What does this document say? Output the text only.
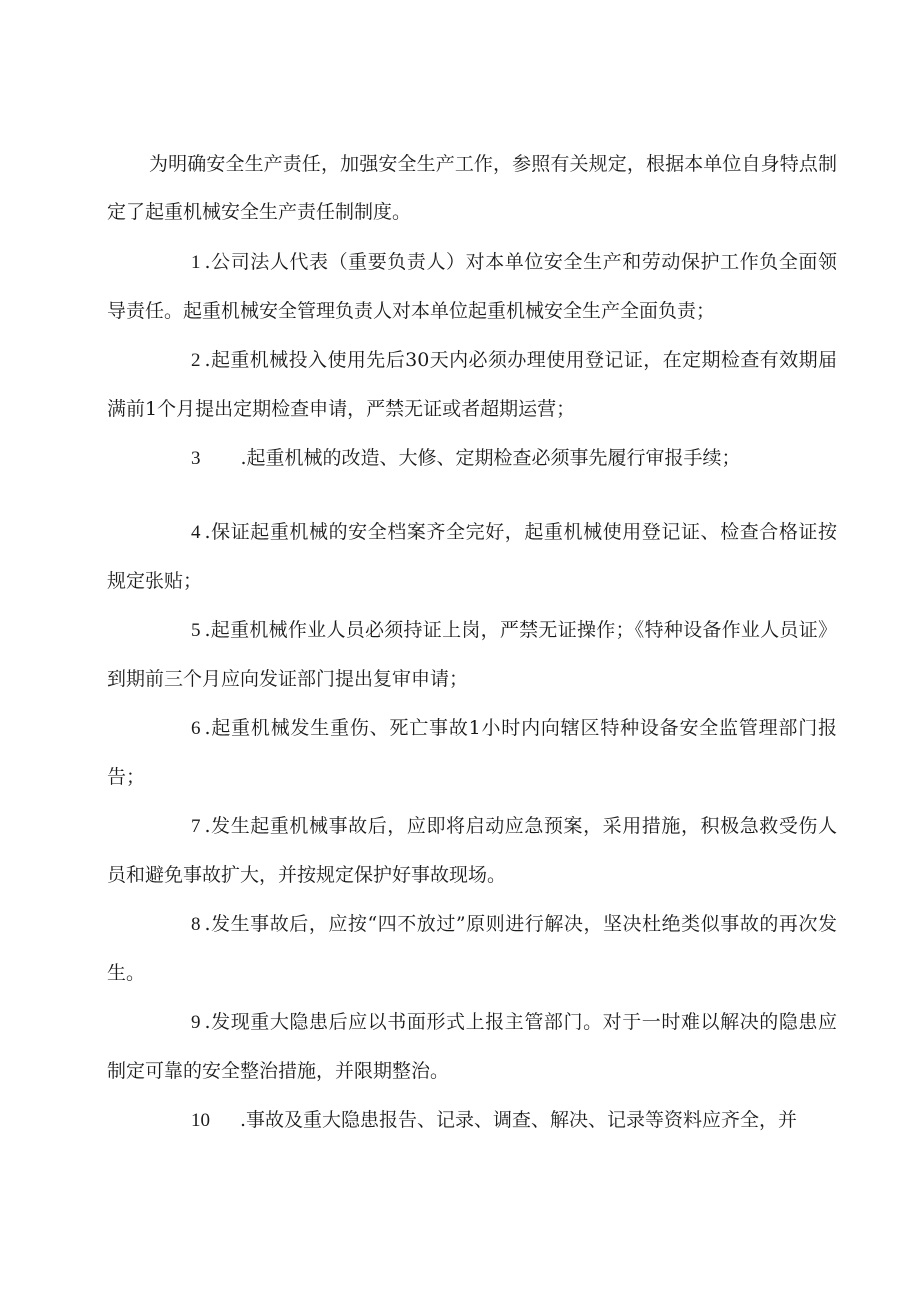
为明确安全生产责任，加强安全生产工作，参照有关规定，根据本单位自身特点制定了起重机械安全生产责任制制度。

1 .公司法人代表（重要负责人）对本单位安全生产和劳动保护工作负全面领导责任。起重机械安全管理负责人对本单位起重机械安全生产全面负责；

2 .起重机械投入使用先后30天内必须办理使用登记证，在定期检查有效期届满前1个月提出定期检查申请，严禁无证或者超期运营；

3 .起重机械的改造、大修、定期检查必须事先履行审报手续；

4 .保证起重机械的安全档案齐全完好，起重机械使用登记证、检查合格证按规定张贴；

5 .起重机械作业人员必须持证上岗，严禁无证操作；《特种设备作业人员证》到期前三个月应向发证部门提出复审申请；

6 .起重机械发生重伤、死亡事故1小时内向辖区特种设备安全监管理部门报告；

7 .发生起重机械事故后，应即将启动应急预案，采用措施，积极急救受伤人员和避免事故扩大，并按规定保护好事故现场。

8 .发生事故后，应按“四不放过”原则进行解决，坚决杜绝类似事故的再次发生。

9 .发现重大隐患后应以书面形式上报主管部门。对于一时难以解决的隐患应制定可靠的安全整治措施，并限期整治。

10 .事故及重大隐患报告、记录、调查、解决、记录等资料应齐全，并
